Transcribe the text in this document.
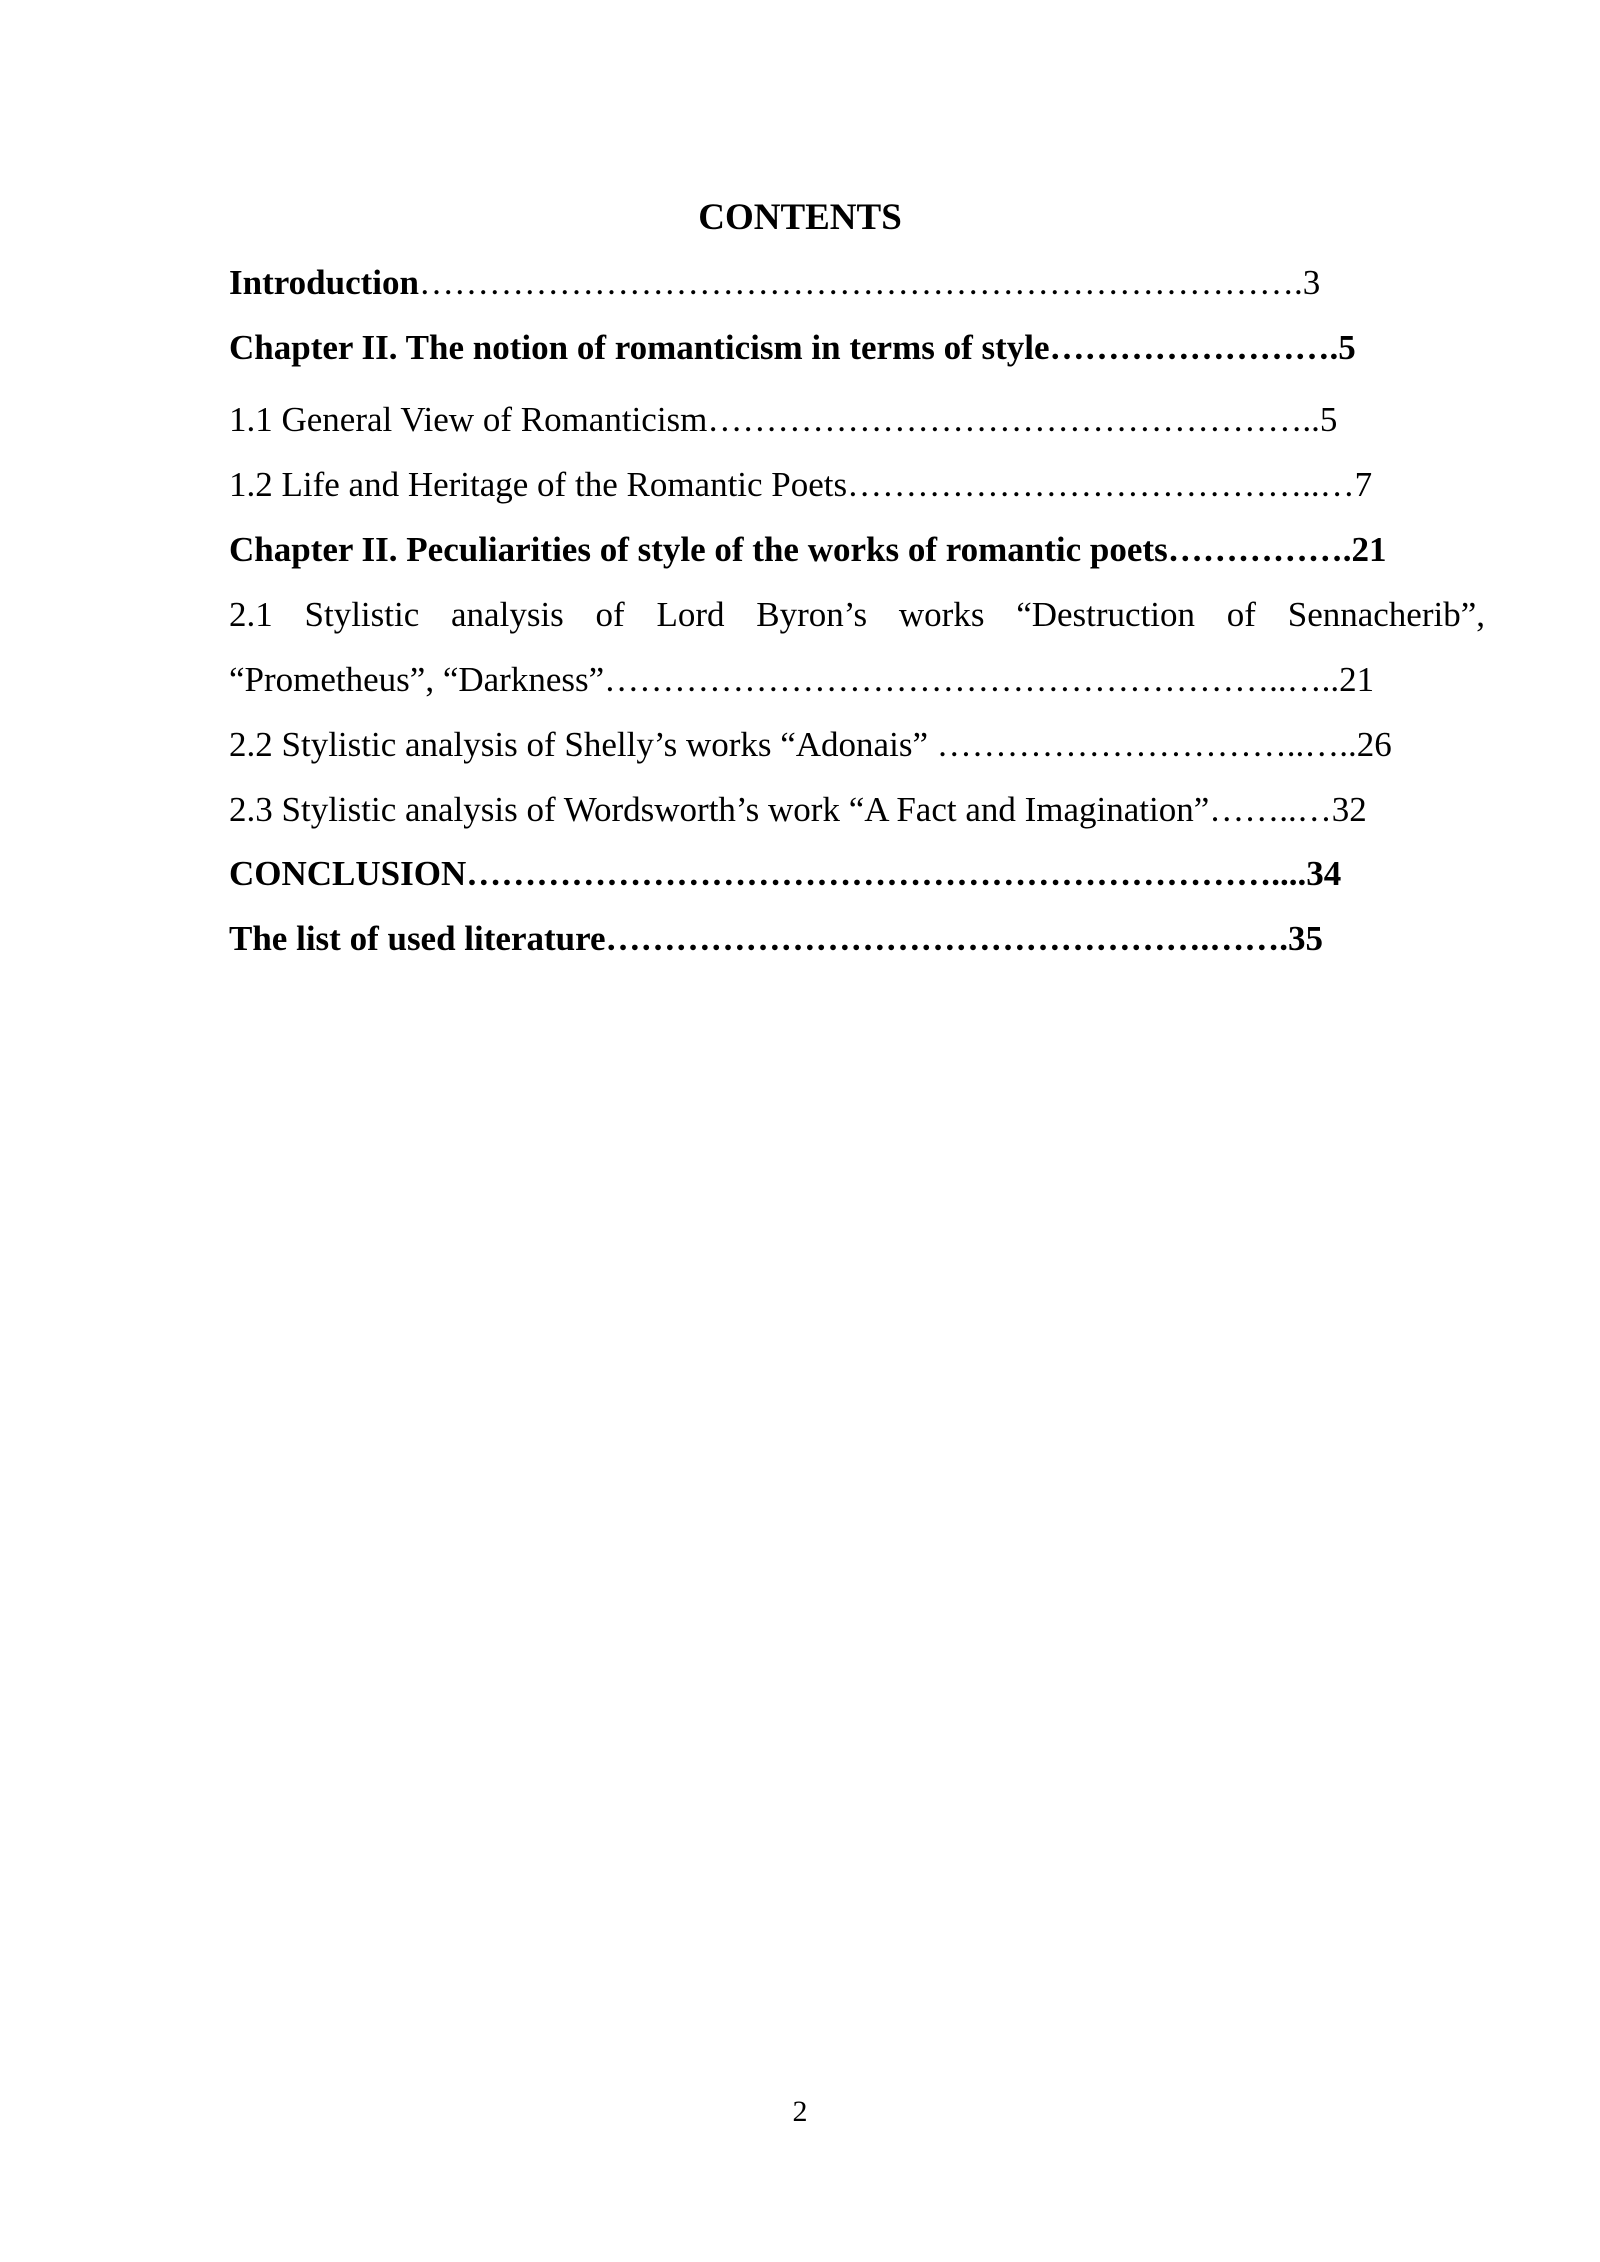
CONTENTS

Introduction………………………………………………………………….3

Chapter II. The notion of romanticism in terms of style…………………….5

1.1 General View of Romanticism……………………………………………..5

1.2 Life and Heritage of the Romantic Poets…………………………………..…7

Chapter II. Peculiarities of style of the works of romantic poets…………….21

2.1 Stylistic analysis of Lord Byron’s works “Destruction of Sennacherib”,

“Prometheus”, “Darkness”…………………………………………………..…..21

2.2 Stylistic analysis of Shelly’s works “Adonais” …………………………..…..26

2.3 Stylistic analysis of Wordsworth’s work “A Fact and Imagination”……..…32

CONCLUSION……………………………………………………………....34

The list of used literature…………………………………………….…….35

2
